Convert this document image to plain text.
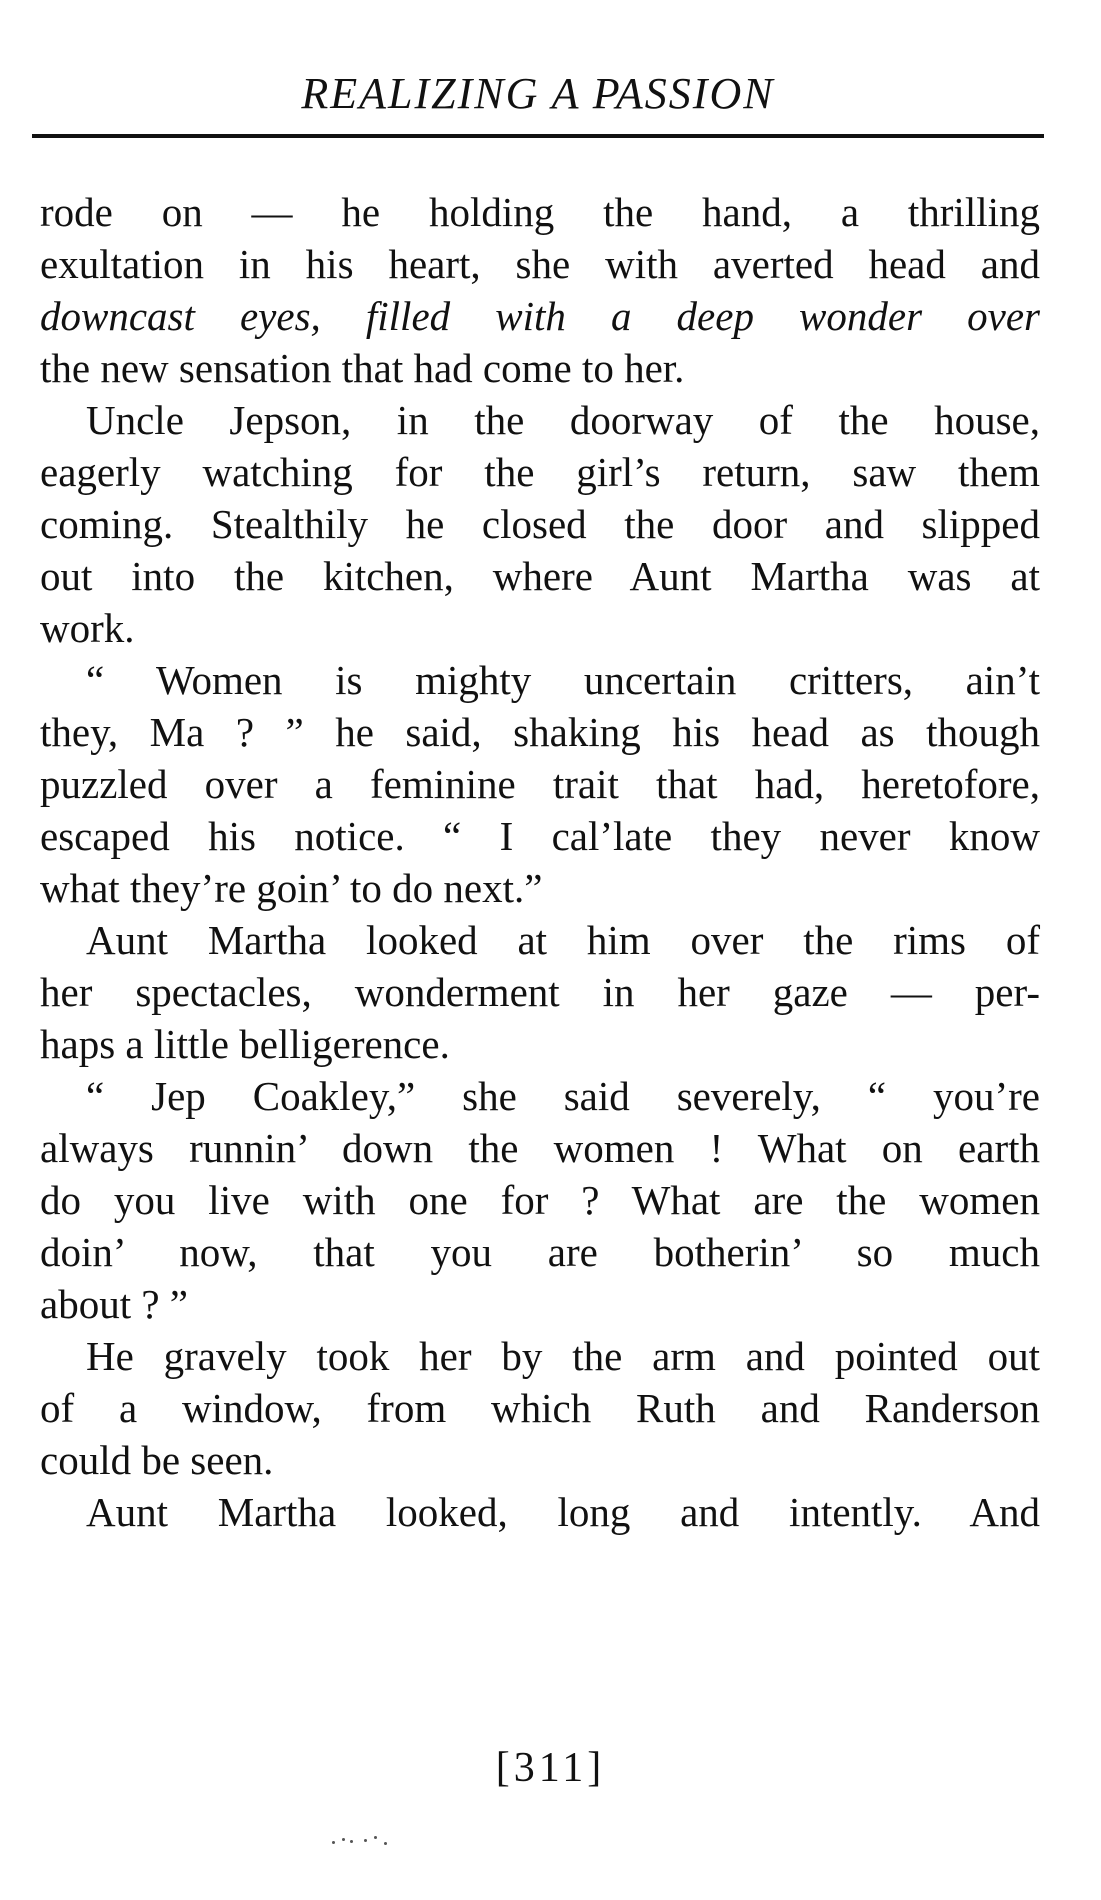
REALIZING A PASSION
rode on — he holding the hand, a thrilling
exultation in his heart, she with averted head and
downcast eyes, filled with a deep wonder over
the new sensation that had come to her.
Uncle Jepson, in the doorway of the house,
eagerly watching for the girl’s return, saw them
coming. Stealthily he closed the door and slipped
out into the kitchen, where Aunt Martha was at
work.
“ Women is mighty uncertain critters, ain’t
they, Ma ? ” he said, shaking his head as though
puzzled over a feminine trait that had, heretofore,
escaped his notice. “ I cal’late they never know
what they’re goin’ to do next.”
Aunt Martha looked at him over the rims of
her spectacles, wonderment in her gaze — per-
haps a little belligerence.
“ Jep Coakley,” she said severely, “ you’re
always runnin’ down the women ! What on earth
do you live with one for ? What are the women
doin’ now, that you are botherin’ so much
about ? ”
He gravely took her by the arm and pointed out
of a window, from which Ruth and Randerson
could be seen.
Aunt Martha looked, long and intently. And
[311]
